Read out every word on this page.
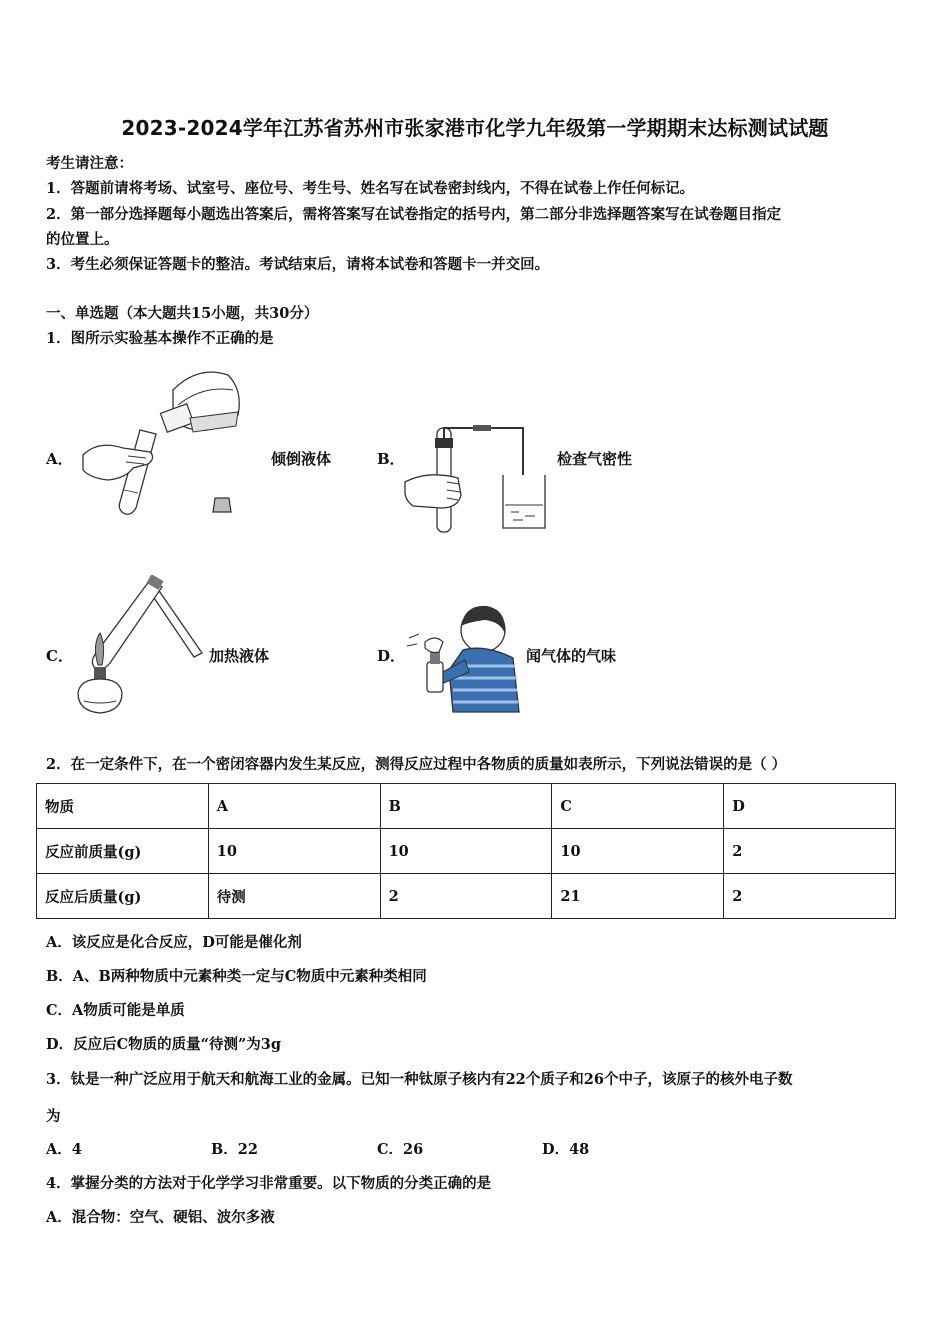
2023-2024学年江苏省苏州市张家港市化学九年级第一学期期末达标测试试题
考生请注意：
1．答题前请将考场、试室号、座位号、考生号、姓名写在试卷密封线内，不得在试卷上作任何标记。
2．第一部分选择题每小题选出答案后，需将答案写在试卷指定的括号内，第二部分非选择题答案写在试卷题目指定
的位置上。
3．考生必须保证答题卡的整洁。考试结束后，请将本试卷和答题卡一并交回。
一、单选题（本大题共15小题，共30分）
1．图所示实验基本操作不正确的是
A．	倾倒液体	B．	检查气密性
C．	加热液体	D．	闻气体的气味
2．在一定条件下，在一个密闭容器内发生某反应，测得反应过程中各物质的质量如表所示，下列说法错误的是（ ）
物质	A	B	C	D
反应前质量(g)	10	10	10	2
反应后质量(g)	待测	2	21	2
A．该反应是化合反应，D可能是催化剂
B．A、B两种物质中元素种类一定与C物质中元素种类相同
C．A物质可能是单质
D．反应后C物质的质量“待测”为3g
3．钛是一种广泛应用于航天和航海工业的金属。已知一种钛原子核内有22个质子和26个中子，该原子的核外电子数
为
A．4	B．22	C．26	D．48
4．掌握分类的方法对于化学学习非常重要。以下物质的分类正确的是
A．混合物：空气、硬铝、波尔多液
